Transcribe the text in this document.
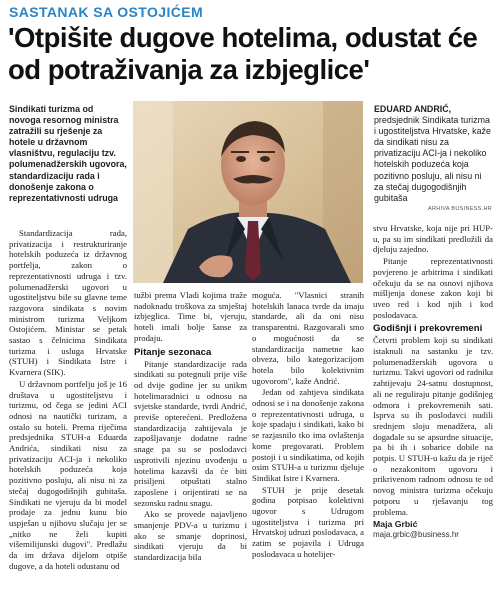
SASTANAK SA OSTOJIĆEM
'Otpišite dugove hotelima, odustat će od potraživanja za izbjeglice'
Sindikati turizma od novoga resornog ministra zatražili su rješenje za hotele u državnom vlasništvu, regulaciju tzv. polumenadžerskih ugovora, standardizaciju rada i donošenje zakona o reprezentativnosti udruga
EDUARD ANDRIĆ, predsjednik Sindikata turizma i ugostiteljstva Hrvatske, kaže da sindikati nisu za privatizaciju ACI-ja i nekoliko hotelskih poduzeća koja pozitivno posluju, ali nisu ni za stečaj dugogodišnjih gubitaša
ARHIVA BUSINESS.HR

Standardizacija rada, privatizacija i restrukturiranje hotelskih poduzeća iz državnog portfelja, zakon o reprezentativnosti udruga i tzv. polumenadžerski ugovori u ugostiteljstvu bile su glavne teme razgovora sindikata s novim ministrom turizma Veljkom Ostojićem. Ministar se petak sastao s čelnicima Sindikata turizma i usluga Hrvatske (STUH) i Sindikata Istre i Kvarnera (SIK).

U državnom portfelju još je 16 društava u ugostiteljstvu i turizmu, od čega se jedini ACI odnosi na nautički turizam, a ostalo su hoteli. Prema riječima predsjednika STUH-a Eduarda Andrića, sindikati nisu za privatizaciju ACI-ja i nekoliko hotelskih poduzeća koja pozitivno posluju, ali nisu ni za stečaj dugogodišnjih gubitaša. Sindikati ne vjeruju da bi model prodaje za jednu kunu bio uspješan u njihovu slučaju jer se „nitko ne želi kupiti višemilijunski dugovi". Predlažu da im država dijelom otpiše dugove, a da hoteli odustanu od

tužbi prema Vladi kojima traže nadoknadu troškova za smještaj izbjeglica. Time bi, vjeruju, hoteli imali bolje šanse za prodaju.

Pitanje sezonaca

Pitanje standardizacije rada sindikati su potegnuli prije više od dvije godine jer su unikm hotelimaradnici u odnosu na svjetske standarde, tvrdi Andrić, previše opterećeni. Predložena standardizacija zahtijevala je zapošljavanje dodatne radne snage pa su se poslodavci usprotivili njezinu uvođenju u hotelima kazavši da će biti prisiljeni otpuštati stalno zaposlene i orijentirati se na sezonsku radnu snagu.

Ako se provede najavljeno smanjenje PDV-a u turizmu i ako se smanje doprinosi, sindikati vjeruju da bi standardizacija bila

moguća. "Vlasnici stranih hotelskih lanaca tvrde da imaju standarde, ali da oni nisu transparentni. Razgovarali smo o mogućnosti da se standardizacija nametne kao obveza, bilo kategorizacijom hotela bilo kolektivnim ugovorom", kaže Andrić.

Jedan od zahtjeva sindikata odnosi se i na donošenje zakona o reprezentativnosti udruga, u koje spadaju i sindikati, kako bi se razjasnilo tko ima ovlaštenja kome pregovarati. Problem postoji i u sindikatima, od kojih osim STUH-a u turizmu djeluje Sindikat Istre i Kvarnera.

STUH je prije desetak godina potpisao kolektivni ugovor s Udrugom ugostiteljstva i turizma pri Hrvatskoj udruzi poslodavaca, a zatim se pojavila i Udruga poslodavaca u hotelijer-

stvu Hrvatske, koja nije pri HUP-u, pa su im sindikati predložili da djeluju zajedno.

Pitanje reprezentativnosti povjereno je arbitrima i sindikati očekuju da se na osnovi njihova mišljenja donese zakon koji bi uveo red i kod njih i kod poslodavaca.

Godišnji i prekovremeni

Četvrti problem koji su sindikati istaknuli na sastanku je tzv. polumenadžerskih ugovora u turizmu. Takvi ugovori od radnika zahtijevaju 24-satnu dostupnost, ali ne reguliraju pitanje godišnjeg odmora i prekovremenih sati. Isprva su ih poslodavci nudili srednjem sloju menadžera, ali događale su se apsurdne situacije, pa bi ih i sobarice dobile na potpis. U STUH-u kažu da je riječ o nezakonitom ugovoru i prikrivenom radnom odnosu te od novog ministra turizma očekuju potporu u rješavanju tog problema.

Maja Grbić
maja.grbic@business.hr
